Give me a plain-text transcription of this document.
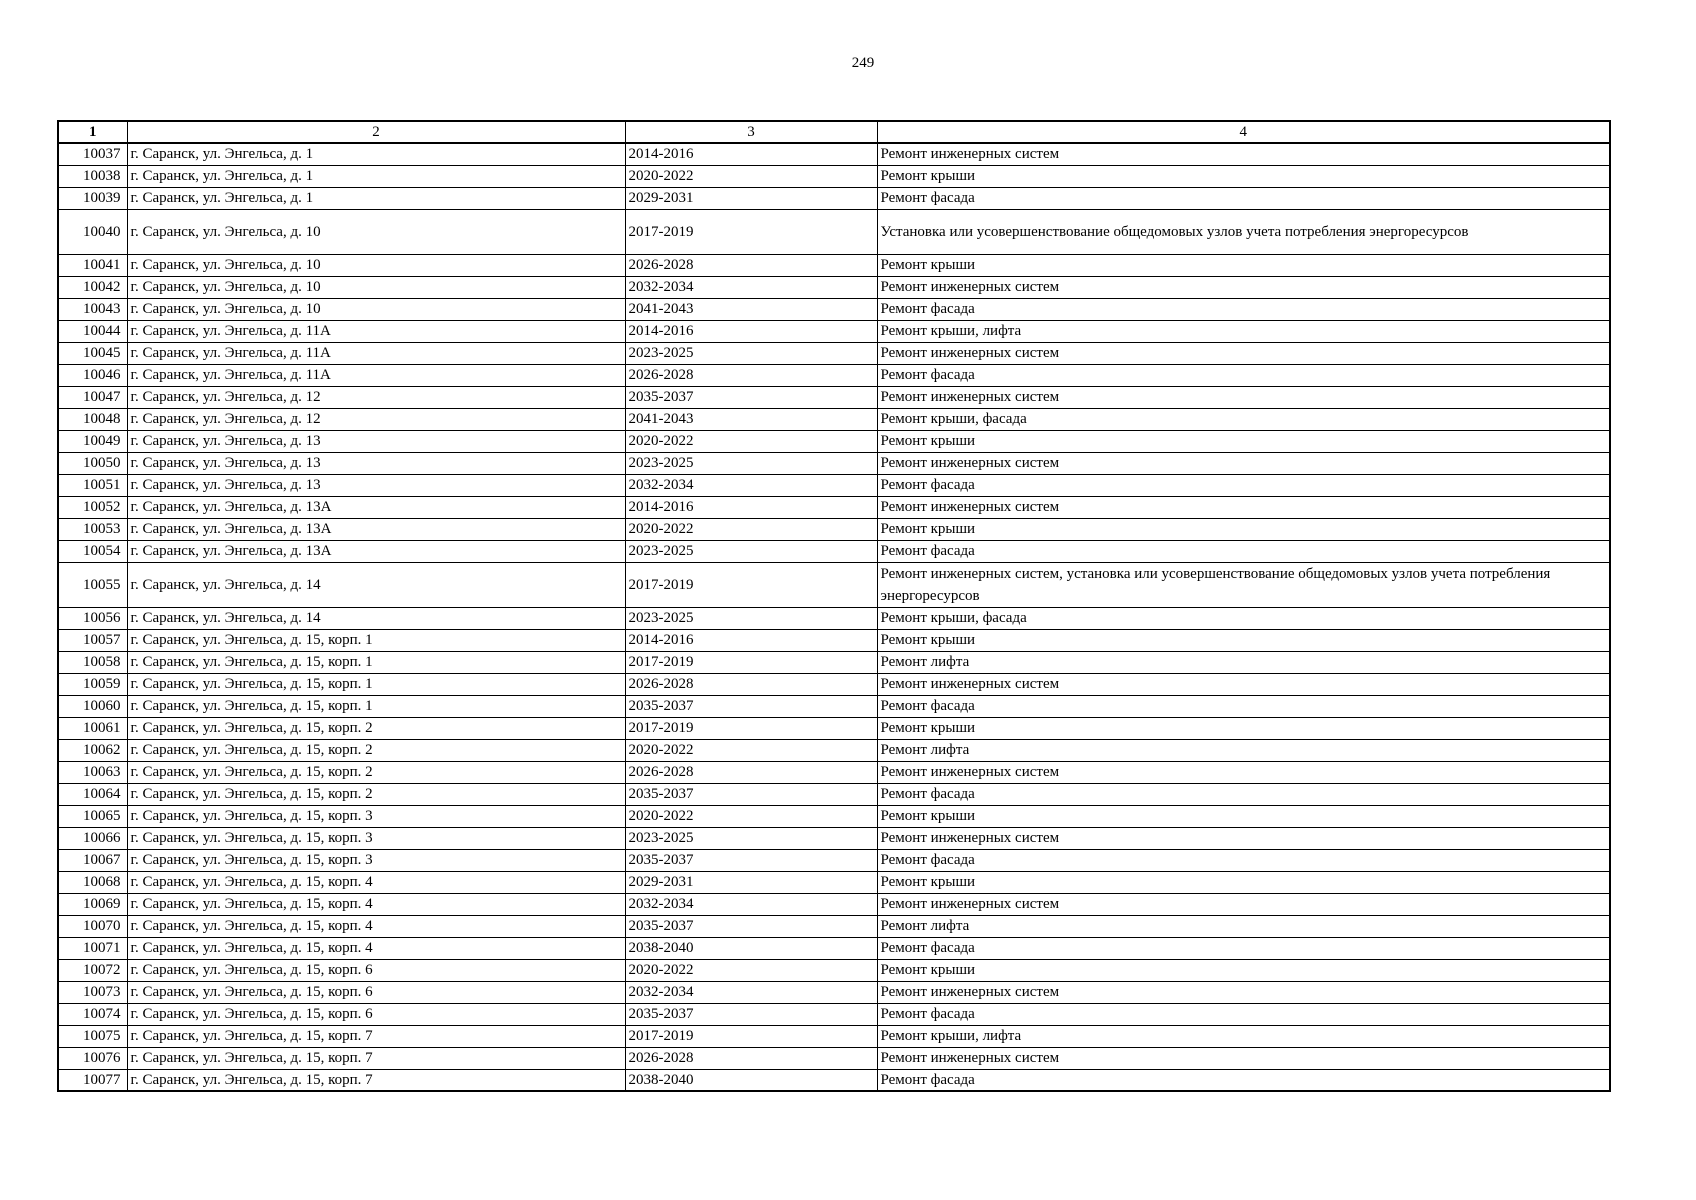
249
1	2	3	4
10037	г. Саранск, ул. Энгельса, д. 1	2014-2016	Ремонт инженерных систем
10038	г. Саранск, ул. Энгельса, д. 1	2020-2022	Ремонт крыши
10039	г. Саранск, ул. Энгельса, д. 1	2029-2031	Ремонт фасада
10040	г. Саранск, ул. Энгельса, д. 10	2017-2019	Установка или усовершенствование общедомовых узлов учета потребления энергоресурсов
10041	г. Саранск, ул. Энгельса, д. 10	2026-2028	Ремонт крыши
10042	г. Саранск, ул. Энгельса, д. 10	2032-2034	Ремонт инженерных систем
10043	г. Саранск, ул. Энгельса, д. 10	2041-2043	Ремонт фасада
10044	г. Саранск, ул. Энгельса, д. 11А	2014-2016	Ремонт крыши, лифта
10045	г. Саранск, ул. Энгельса, д. 11А	2023-2025	Ремонт инженерных систем
10046	г. Саранск, ул. Энгельса, д. 11А	2026-2028	Ремонт фасада
10047	г. Саранск, ул. Энгельса, д. 12	2035-2037	Ремонт инженерных систем
10048	г. Саранск, ул. Энгельса, д. 12	2041-2043	Ремонт крыши, фасада
10049	г. Саранск, ул. Энгельса, д. 13	2020-2022	Ремонт крыши
10050	г. Саранск, ул. Энгельса, д. 13	2023-2025	Ремонт инженерных систем
10051	г. Саранск, ул. Энгельса, д. 13	2032-2034	Ремонт фасада
10052	г. Саранск, ул. Энгельса, д. 13А	2014-2016	Ремонт инженерных систем
10053	г. Саранск, ул. Энгельса, д. 13А	2020-2022	Ремонт крыши
10054	г. Саранск, ул. Энгельса, д. 13А	2023-2025	Ремонт фасада
10055	г. Саранск, ул. Энгельса, д. 14	2017-2019	Ремонт инженерных систем, установка или усовершенствование общедомовых узлов учета потребления энергоресурсов
10056	г. Саранск, ул. Энгельса, д. 14	2023-2025	Ремонт крыши, фасада
10057	г. Саранск, ул. Энгельса, д. 15, корп. 1	2014-2016	Ремонт крыши
10058	г. Саранск, ул. Энгельса, д. 15, корп. 1	2017-2019	Ремонт лифта
10059	г. Саранск, ул. Энгельса, д. 15, корп. 1	2026-2028	Ремонт инженерных систем
10060	г. Саранск, ул. Энгельса, д. 15, корп. 1	2035-2037	Ремонт фасада
10061	г. Саранск, ул. Энгельса, д. 15, корп. 2	2017-2019	Ремонт крыши
10062	г. Саранск, ул. Энгельса, д. 15, корп. 2	2020-2022	Ремонт лифта
10063	г. Саранск, ул. Энгельса, д. 15, корп. 2	2026-2028	Ремонт инженерных систем
10064	г. Саранск, ул. Энгельса, д. 15, корп. 2	2035-2037	Ремонт фасада
10065	г. Саранск, ул. Энгельса, д. 15, корп. 3	2020-2022	Ремонт крыши
10066	г. Саранск, ул. Энгельса, д. 15, корп. 3	2023-2025	Ремонт инженерных систем
10067	г. Саранск, ул. Энгельса, д. 15, корп. 3	2035-2037	Ремонт фасада
10068	г. Саранск, ул. Энгельса, д. 15, корп. 4	2029-2031	Ремонт крыши
10069	г. Саранск, ул. Энгельса, д. 15, корп. 4	2032-2034	Ремонт инженерных систем
10070	г. Саранск, ул. Энгельса, д. 15, корп. 4	2035-2037	Ремонт лифта
10071	г. Саранск, ул. Энгельса, д. 15, корп. 4	2038-2040	Ремонт фасада
10072	г. Саранск, ул. Энгельса, д. 15, корп. 6	2020-2022	Ремонт крыши
10073	г. Саранск, ул. Энгельса, д. 15, корп. 6	2032-2034	Ремонт инженерных систем
10074	г. Саранск, ул. Энгельса, д. 15, корп. 6	2035-2037	Ремонт фасада
10075	г. Саранск, ул. Энгельса, д. 15, корп. 7	2017-2019	Ремонт крыши, лифта
10076	г. Саранск, ул. Энгельса, д. 15, корп. 7	2026-2028	Ремонт инженерных систем
10077	г. Саранск, ул. Энгельса, д. 15, корп. 7	2038-2040	Ремонт фасада
